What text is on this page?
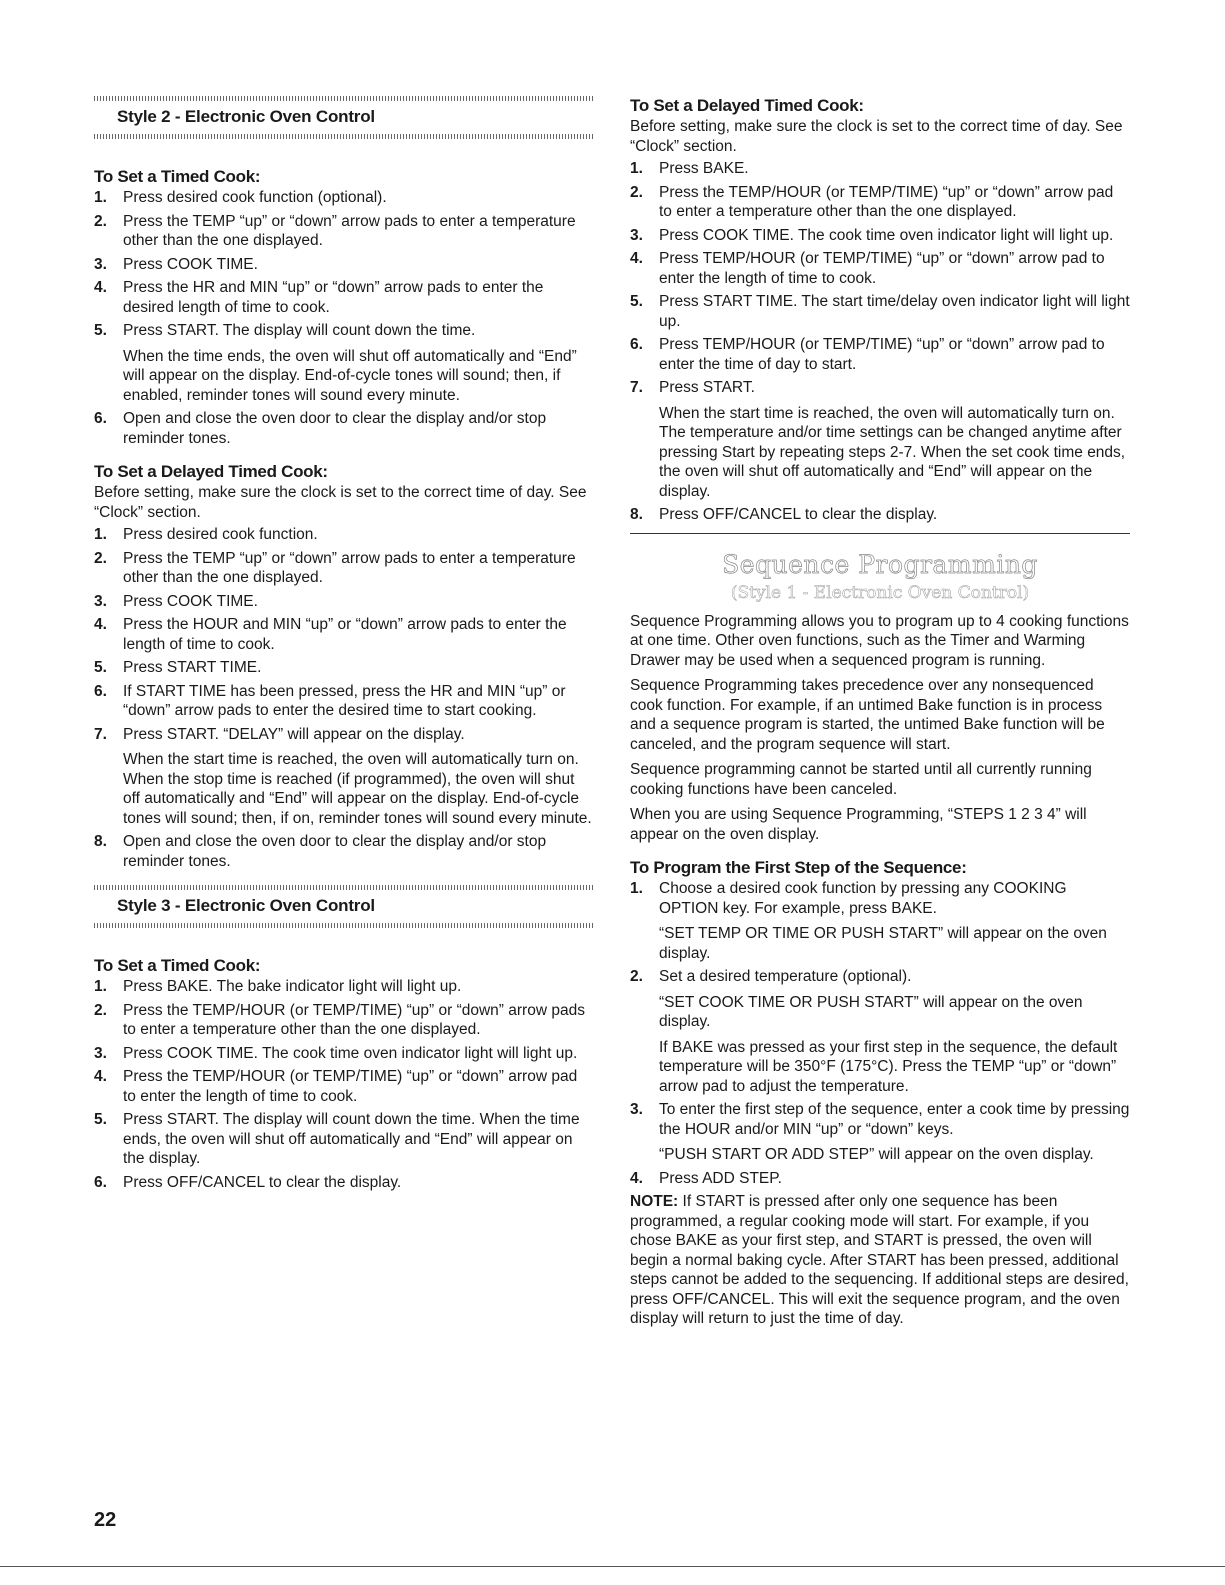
Style 2 - Electronic Oven Control
To Set a Timed Cook:
1. Press desired cook function (optional).

2. Press the TEMP “up” or “down” arrow pads to enter a temperature other than the one displayed.

3. Press COOK TIME.

4. Press the HR and MIN “up” or “down” arrow pads to enter the desired length of time to cook.

5. Press START. The display will count down the time.

When the time ends, the oven will shut off automatically and “End” will appear on the display. End-of-cycle tones will sound; then, if enabled, reminder tones will sound every minute.

6. Open and close the oven door to clear the display and/or stop reminder tones.

To Set a Delayed Timed Cook:

Before setting, make sure the clock is set to the correct time of day. See “Clock” section.

1. Press desired cook function.

2. Press the TEMP “up” or “down” arrow pads to enter a temperature other than the one displayed.

3. Press COOK TIME.

4. Press the HOUR and MIN “up” or “down” arrow pads to enter the length of time to cook.

5. Press START TIME.

6. If START TIME has been pressed, press the HR and MIN “up” or “down” arrow pads to enter the desired time to start cooking.

7. Press START. “DELAY” will appear on the display.

When the start time is reached, the oven will automatically turn on. When the stop time is reached (if programmed), the oven will shut off automatically and “End” will appear on the display. End-of-cycle tones will sound; then, if on, reminder tones will sound every minute.

8. Open and close the oven door to clear the display and/or stop reminder tones.

Style 3 - Electronic Oven Control
To Set a Timed Cook:
1. Press BAKE. The bake indicator light will light up.

2. Press the TEMP/HOUR (or TEMP/TIME) “up” or “down” arrow pads to enter a temperature other than the one displayed.

3. Press COOK TIME. The cook time oven indicator light will light up.

4. Press the TEMP/HOUR (or TEMP/TIME) “up” or “down” arrow pad to enter the length of time to cook.

5. Press START. The display will count down the time. When the time ends, the oven will shut off automatically and “End” will appear on the display.

6. Press OFF/CANCEL to clear the display.

To Set a Delayed Timed Cook:

Before setting, make sure the clock is set to the correct time of day. See “Clock” section.

1. Press BAKE.

2. Press the TEMP/HOUR (or TEMP/TIME) “up” or “down” arrow pad to enter a temperature other than the one displayed.

3. Press COOK TIME. The cook time oven indicator light will light up.

4. Press TEMP/HOUR (or TEMP/TIME) “up” or “down” arrow pad to enter the length of time to cook.

5. Press START TIME. The start time/delay oven indicator light will light up.

6. Press TEMP/HOUR (or TEMP/TIME) “up” or “down” arrow pad to enter the time of day to start.

7. Press START.

When the start time is reached, the oven will automatically turn on. The temperature and/or time settings can be changed anytime after pressing Start by repeating steps 2-7. When the set cook time ends, the oven will shut off automatically and “End” will appear on the display.

8. Press OFF/CANCEL to clear the display.

Sequence Programming
(Style 1 - Electronic Oven Control)

Sequence Programming allows you to program up to 4 cooking functions at one time. Other oven functions, such as the Timer and Warming Drawer may be used when a sequenced program is running.

Sequence Programming takes precedence over any nonsequenced cook function. For example, if an untimed Bake function is in process and a sequence program is started, the untimed Bake function will be canceled, and the program sequence will start.

Sequence programming cannot be started until all currently running cooking functions have been canceled.

When you are using Sequence Programming, “STEPS 1 2 3 4” will appear on the oven display.

To Program the First Step of the Sequence:
1. Choose a desired cook function by pressing any COOKING OPTION key. For example, press BAKE.

“SET TEMP OR TIME OR PUSH START” will appear on the oven display.

2. Set a desired temperature (optional).

“SET COOK TIME OR PUSH START” will appear on the oven display.

If BAKE was pressed as your first step in the sequence, the default temperature will be 350°F (175°C). Press the TEMP “up” or “down” arrow pad to adjust the temperature.

3. To enter the first step of the sequence, enter a cook time by pressing the HOUR and/or MIN “up” or “down” keys.

“PUSH START OR ADD STEP” will appear on the oven display.

4. Press ADD STEP.

NOTE: If START is pressed after only one sequence has been programmed, a regular cooking mode will start. For example, if you chose BAKE as your first step, and START is pressed, the oven will begin a normal baking cycle. After START has been pressed, additional steps cannot be added to the sequencing. If additional steps are desired, press OFF/CANCEL. This will exit the sequence program, and the oven display will return to just the time of day.

22
